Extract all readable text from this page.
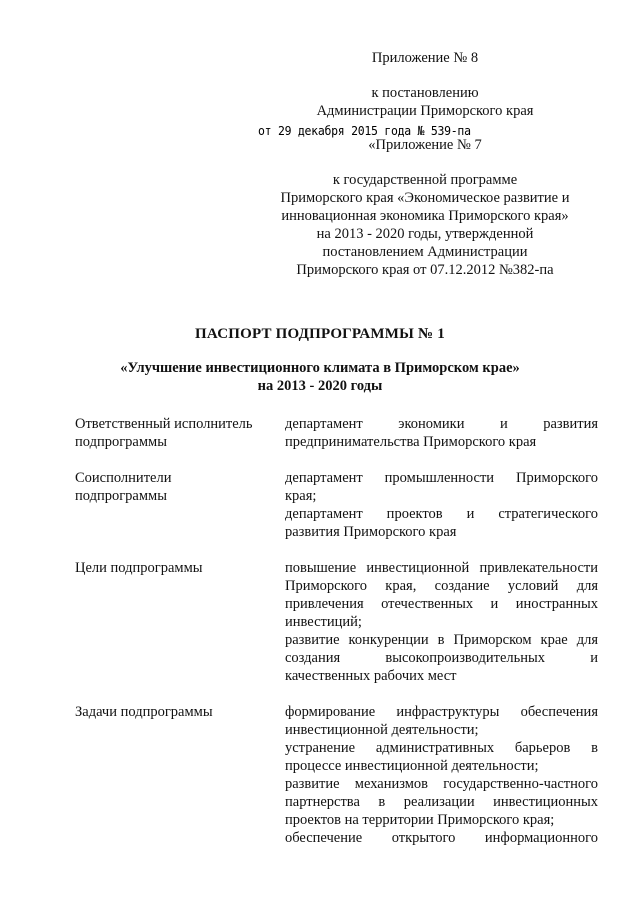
Приложение № 8
к постановлению
Администрации Приморского края
от 29 декабря 2015 года № 539-па
«Приложение № 7
к государственной программе
Приморского края «Экономическое развитие и
инновационная экономика Приморского края»
на 2013 - 2020 годы, утвержденной
постановлением Администрации
Приморского края от 07.12.2012 №382-па
ПАСПОРТ ПОДПРОГРАММЫ № 1
«Улучшение инвестиционного климата в Приморском крае»
на 2013 - 2020 годы
Ответственный исполнитель
подпрограммы
департамент экономики и развития
предпринимательства Приморского края
Соисполнители
подпрограммы
департамент промышленности Приморского
края;
департамент проектов и стратегического
развития Приморского края
Цели подпрограммы	повышение инвестиционной привлекательности
Приморского края, создание условий для
привлечения отечественных и иностранных
инвестиций;
развитие конкуренции в Приморском крае для
создания высокопроизводительных и
качественных рабочих мест
Задачи подпрограммы	формирование инфраструктуры обеспечения
инвестиционной деятельности;
устранение административных барьеров в
процессе инвестиционной деятельности;
развитие механизмов государственно-частного
партнерства в реализации инвестиционных
проектов на территории Приморского края;
обеспечение открытого информационного
